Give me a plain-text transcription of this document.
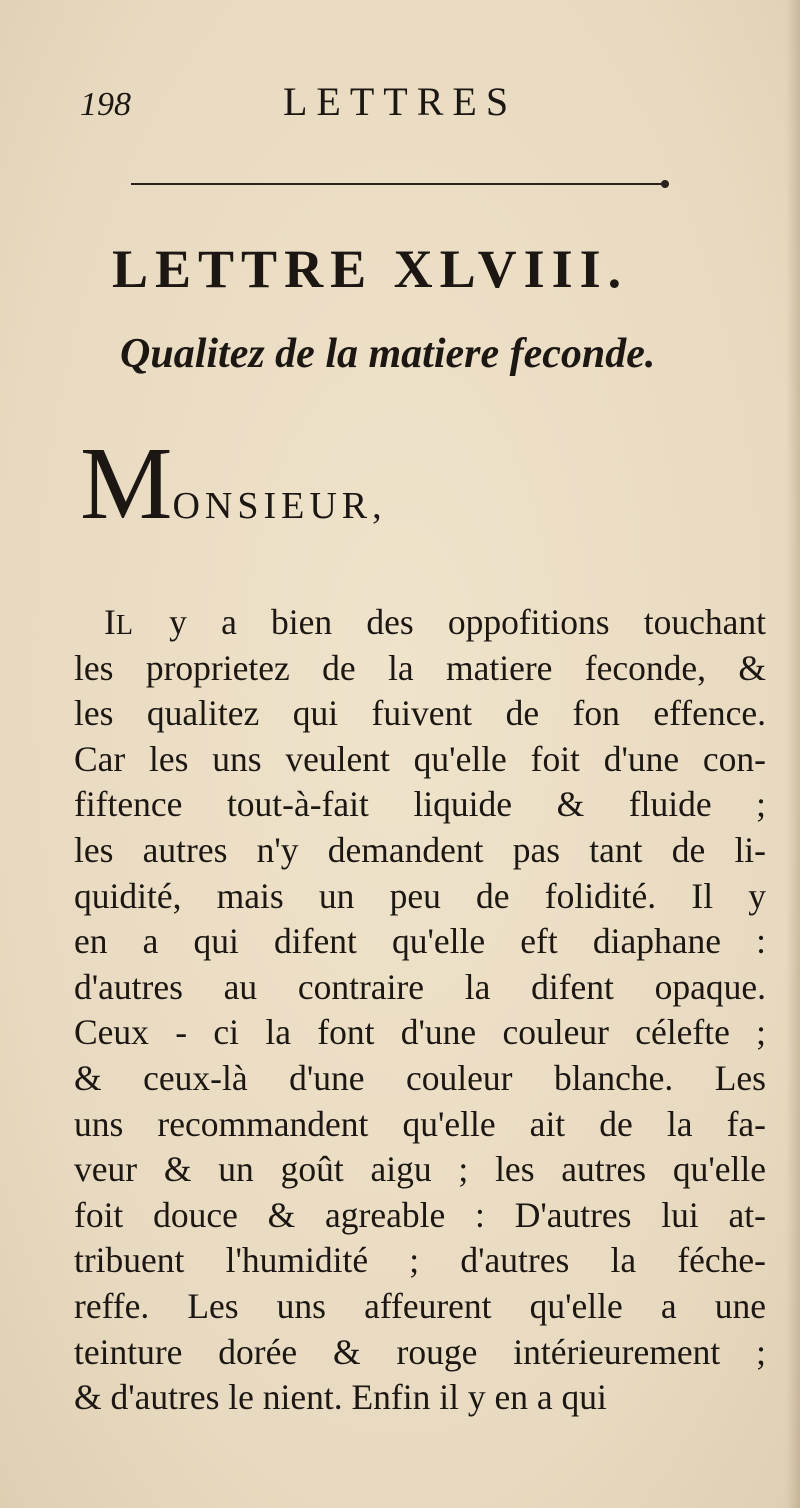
198	LETTRES
LETTRE XLVIII.
Qualitez de la matiere feconde.
MONSIEUR,
IL y a bien des oppofitions touchant
les proprietez de la matiere feconde, &
les qualitez qui fuivent de fon effence.
Car les uns veulent qu'elle foit d'une con-
fiftence tout-à-fait liquide & fluide ;
les autres n'y demandent pas tant de li-
quidité, mais un peu de folidité. Il y
en a qui difent qu'elle eft diaphane :
d'autres au contraire la difent opaque.
Ceux - ci la font d'une couleur célefte ;
& ceux-là d'une couleur blanche. Les
uns recommandent qu'elle ait de la fa-
veur & un goût aigu ; les autres qu'elle
foit douce & agreable : D'autres lui at-
tribuent l'humidité ; d'autres la féche-
reffe. Les uns affeurent qu'elle a une
teinture dorée & rouge intérieurement ;
& d'autres le nient. Enfin il y en a qui
